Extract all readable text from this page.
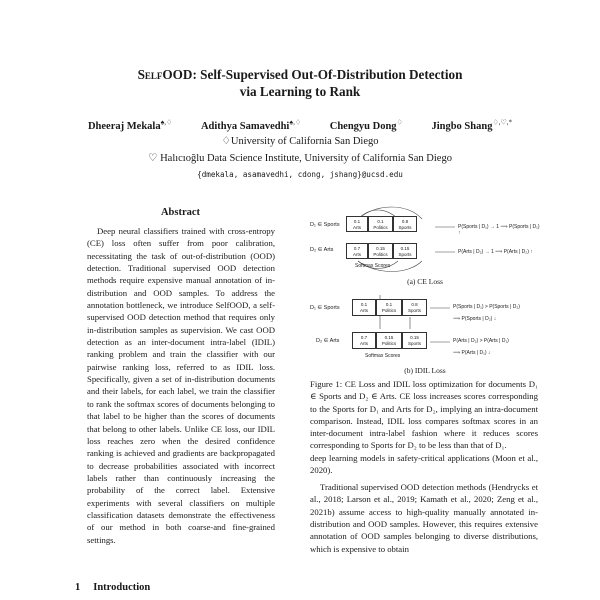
SelfOOD: Self-Supervised Out-Of-Distribution Detection
via Learning to Rank
Dheeraj Mekala♠,♢	Adithya Samavedhi♠,♢	Chengyu Dong♢	Jingbo Shang♢,♡,*
♢University of California San Diego
♡ Halıcıoğlu Data Science Institute, University of California San Diego
{dmekala, asamavedhi, cdong, jshang}@ucsd.edu
Abstract

Deep neural classifiers trained with cross-entropy (CE) loss often suffer from poor calibration, necessitating the task of out-of-distribution (OOD) detection. Traditional supervised OOD detection methods require expensive manual annotation of in-distribution and OOD samples. To address the annotation bottleneck, we introduce SelfOOD, a self-supervised OOD detection method that requires only in-distribution samples as supervision. We cast OOD detection as an inter-document intra-label (IDIL) ranking problem and train the classifier with our pairwise ranking loss, referred to as IDIL loss. Specifically, given a set of in-distribution documents and their labels, for each label, we train the classifier to rank the softmax scores of documents belonging to that label to be higher than the scores of documents that belong to other labels. Unlike CE loss, our IDIL loss reaches zero when the desired confidence ranking is achieved and gradients are backpropagated to decrease probabilities associated with incorrect labels rather than continuously increasing the probability of the correct label. Extensive experiments with several classifiers on multiple classification datasets demonstrate the effectiveness of our method in both coarse-and fine-grained settings.

1 Introduction
D₁ ∈ Sports
D₂ ∈ Arts
0.1
Arts
0.1
Politics
0.8
Sports
0.7
Arts
0.15
Politics
0.15
Sports
Softmax Scores
P(Sports | D₁) → 1 ⟹ P(Sports | D₁) ↑
P(Arts | D₂) → 1 ⟹ P(Arts | D₂) ↑
(a) CE Loss
D₁ ∈ Sports
D₂ ∈ Arts
0.1
Arts
0.1
Politics
0.8
Sports
0.7
Arts
0.15
Politics
0.15
Sports
Softmax Scores
P(Sports | D₁) > P(Sports | D₂)
⟹ P(Sports | D₂) ↓
P(Arts | D₂) > P(Arts | D₁)
⟹ P(Arts | D₁) ↓
(b) IDIL Loss
Figure 1: CE Loss and IDIL loss optimization for documents D₁ ∈ Sports and D₂ ∈ Arts. CE loss increases scores corresponding to the Sports for D₁ and Arts for D₂, implying an intra-document comparison. Instead, IDIL loss compares softmax scores in an inter-document intra-label fashion where it reduces scores corresponding to Sports for D₂ to be less than that of D₁.

deep learning models in safety-critical applications (Moon et al., 2020).

Traditional supervised OOD detection methods (Hendrycks et al., 2018; Larson et al., 2019; Kamath et al., 2020; Zeng et al., 2021b) assume access to high-quality manually annotated in-distribution and OOD samples. However, this requires extensive annotation of OOD samples belonging to diverse distributions, which is expensive to obtain
